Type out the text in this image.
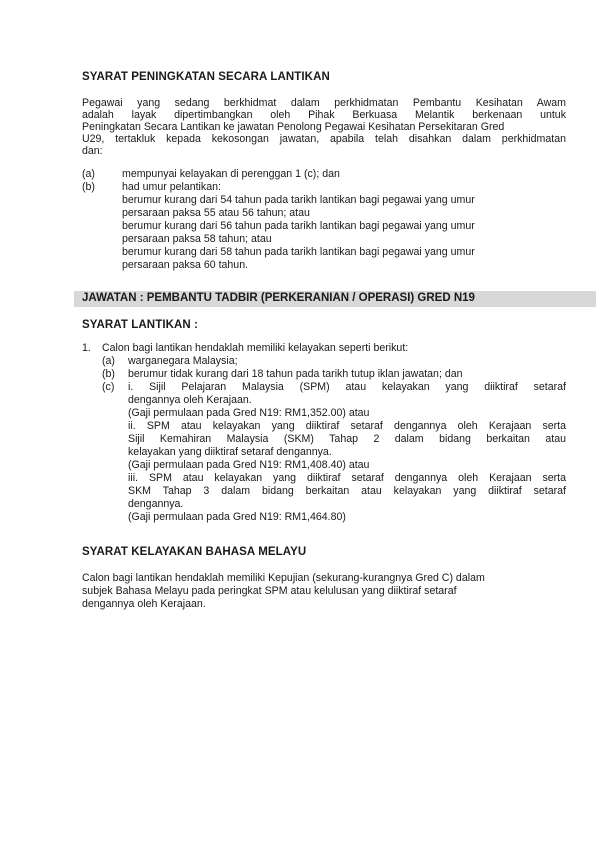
SYARAT PENINGKATAN SECARA LANTIKAN
Pegawai yang sedang berkhidmat dalam perkhidmatan Pembantu Kesihatan Awam
adalah layak dipertimbangkan oleh Pihak Berkuasa Melantik berkenaan untuk
Peningkatan Secara Lantikan ke jawatan Penolong Pegawai Kesihatan Persekitaran Gred
U29, tertakluk kepada kekosongan jawatan, apabila telah disahkan dalam perkhidmatan
dan:
(a)	mempunyai kelayakan di perenggan 1 (c); dan
(b)	had umur pelantikan:
berumur kurang dari 54 tahun pada tarikh lantikan bagi pegawai yang umur
persaraan paksa 55 atau 56 tahun; atau
berumur kurang dari 56 tahun pada tarikh lantikan bagi pegawai yang umur
persaraan paksa 58 tahun; atau
berumur kurang dari 58 tahun pada tarikh lantikan bagi pegawai yang umur
persaraan paksa 60 tahun.
JAWATAN : PEMBANTU TADBIR (PERKERANIAN / OPERASI) GRED N19
SYARAT LANTIKAN :
1. Calon bagi lantikan hendaklah memiliki kelayakan seperti berikut:
(a) warganegara Malaysia;
(b) berumur tidak kurang dari 18 tahun pada tarikh tutup iklan jawatan; dan
(c) i. Sijil Pelajaran Malaysia (SPM) atau kelayakan yang diiktiraf setaraf
dengannya oleh Kerajaan.
(Gaji permulaan pada Gred N19: RM1,352.00) atau
ii. SPM atau kelayakan yang diiktiraf setaraf dengannya oleh Kerajaan serta
Sijil Kemahiran Malaysia (SKM) Tahap 2 dalam bidang berkaitan atau
kelayakan yang diiktiraf setaraf dengannya.
(Gaji permulaan pada Gred N19: RM1,408.40) atau
iii. SPM atau kelayakan yang diiktiraf setaraf dengannya oleh Kerajaan serta
SKM Tahap 3 dalam bidang berkaitan atau kelayakan yang diiktiraf setaraf
dengannya.
(Gaji permulaan pada Gred N19: RM1,464.80)
SYARAT KELAYAKAN BAHASA MELAYU
Calon bagi lantikan hendaklah memiliki Kepujian (sekurang-kurangnya Gred C) dalam
subjek Bahasa Melayu pada peringkat SPM atau kelulusan yang diiktiraf setaraf
dengannya oleh Kerajaan.
